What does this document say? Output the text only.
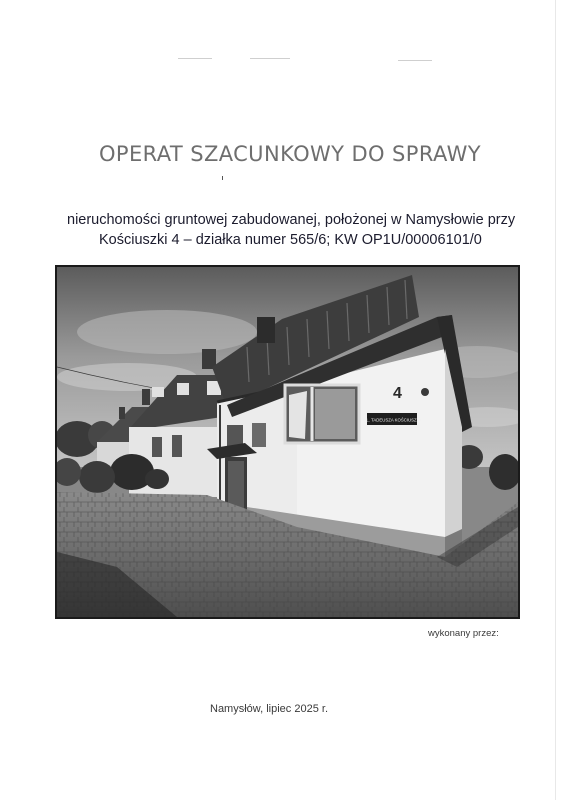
OPERAT SZACUNKOWY DO SPRAWY
nieruchomości gruntowej zabudowanej, położonej w Namysłowie przy
Kościuszki 4 – działka numer 565/6; KW OP1U/00006101/0
4
UL. TADEUSZA KOŚCIUSZKI
wykonany przez:
Namysłów, lipiec 2025 r.
